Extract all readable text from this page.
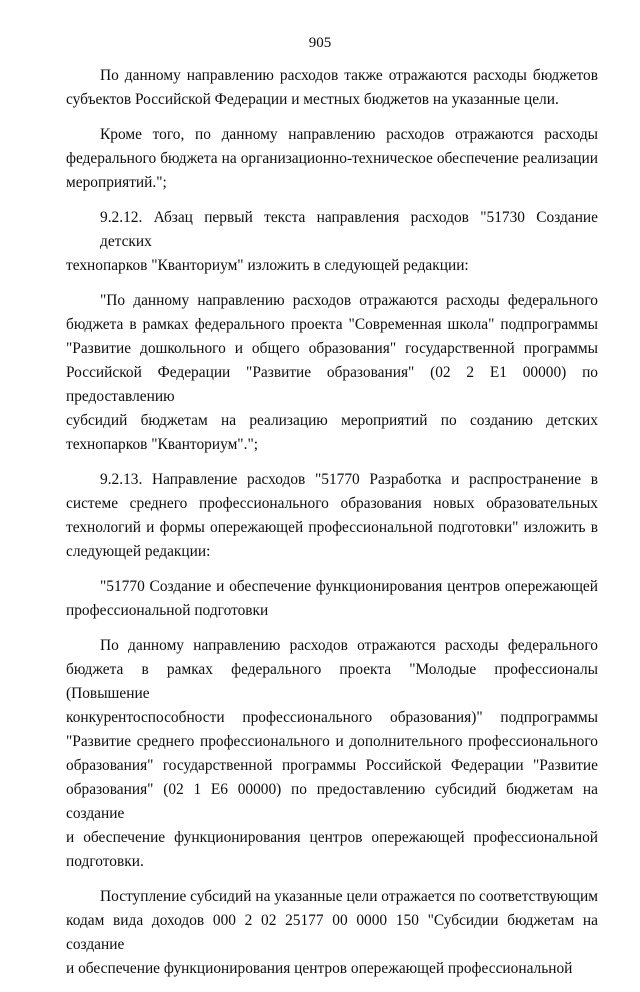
905

По данному направлению расходов также отражаются расходы бюджетов
субъектов Российской Федерации и местных бюджетов на указанные цели.

Кроме того, по данному направлению расходов отражаются расходы
федерального бюджета на организационно-техническое обеспечение реализации
мероприятий.";

9.2.12. Абзац первый текста направления расходов "51730 Создание детских
технопарков "Кванториум" изложить в следующей редакции:

"По данному направлению расходов отражаются расходы федерального
бюджета в рамках федерального проекта "Современная школа" подпрограммы
"Развитие дошкольного и общего образования" государственной программы
Российской Федерации "Развитие образования" (02 2 E1 00000) по предоставлению
субсидий бюджетам на реализацию мероприятий по созданию детских
технопарков "Кванториум".";

9.2.13. Направление расходов "51770 Разработка и распространение в
системе среднего профессионального образования новых образовательных
технологий и формы опережающей профессиональной подготовки" изложить в
следующей редакции:

"51770 Создание и обеспечение функционирования центров опережающей
профессиональной подготовки

По данному направлению расходов отражаются расходы федерального
бюджета в рамках федерального проекта "Молодые профессионалы (Повышение
конкурентоспособности профессионального образования)" подпрограммы
"Развитие среднего профессионального и дополнительного профессионального
образования" государственной программы Российской Федерации "Развитие
образования" (02 1 E6 00000) по предоставлению субсидий бюджетам на создание
и обеспечение функционирования центров опережающей профессиональной
подготовки.

Поступление субсидий на указанные цели отражается по соответствующим
кодам вида доходов 000 2 02 25177 00 0000 150 "Субсидии бюджетам на создание
и обеспечение функционирования центров опережающей профессиональной
